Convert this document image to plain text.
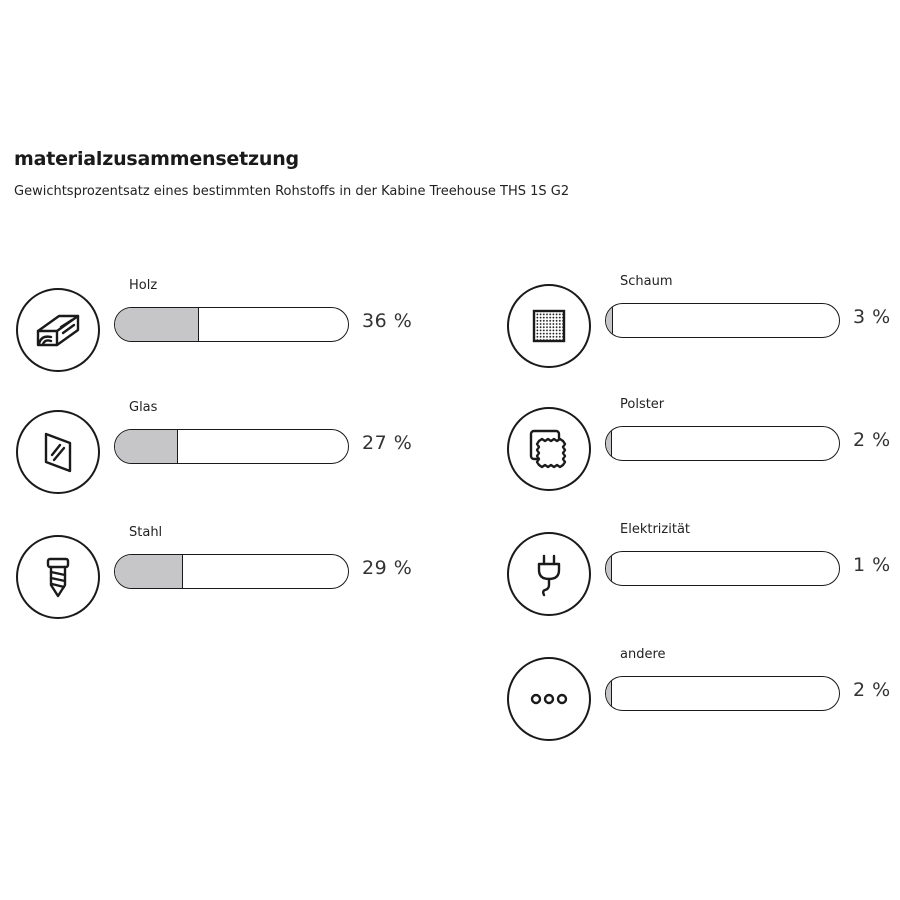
materialzusammensetzung
Gewichtsprozentsatz eines bestimmten Rohstoffs in der Kabine Treehouse THS 1S G2
Holz
36 %
Glas
27 %
Stahl
29 %
Schaum
3 %
Polster
2 %
Elektrizität
1 %
andere
2 %
